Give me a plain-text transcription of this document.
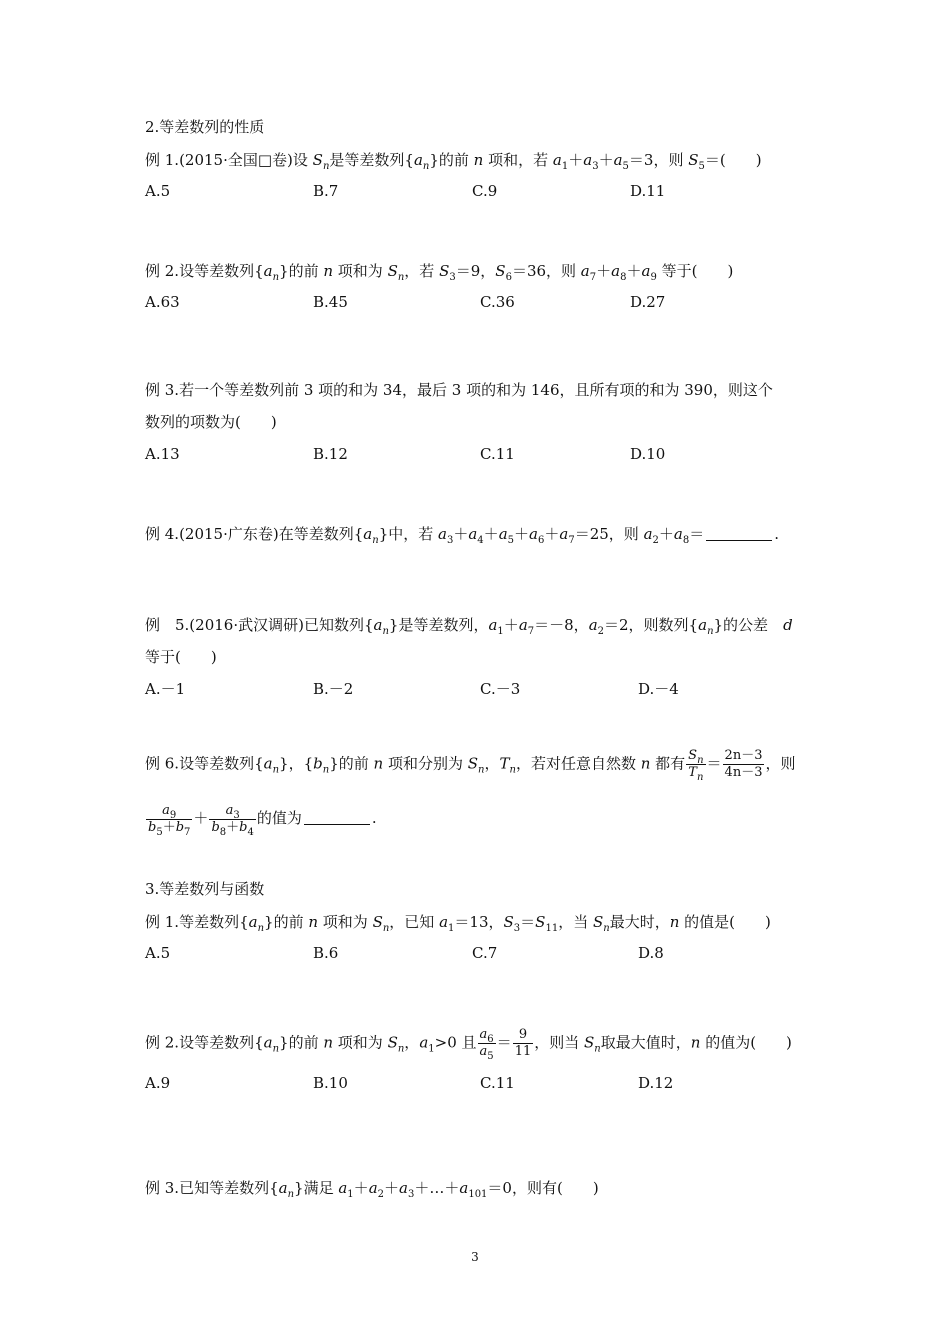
2.等差数列的性质
例 1.(2015·全国□卷)设 $S_n$是等差数列$\{a_n\}$的前 n 项和，若 $a_1+a_3+a_5=3$，则 $S_5=$(　　)
A.5	B.7	C.9	D.11
例 2.设等差数列$\{a_n\}$的前 n 项和为 $S_n$，若 $S_3=9$，$S_6=36$，则 $a_7+a_8+a_9$ 等于(　　)
A.63	B.45	C.36	D.27
例 3.若一个等差数列前 3 项的和为 34，最后 3 项的和为 146，且所有项的和为 390，则这个
数列的项数为(　　)
A.13	B.12	C.11	D.10
例 4.(2015·广东卷)在等差数列$\{a_n\}$中，若 $a_3+a_4+a_5+a_6+a_7=25$，则 $a_2+a_8=$	.
例　5.(2016·武汉调研)已知数列$\{a_n\}$是等差数列，$a_1+a_7=-8$，$a_2=2$，则数列$\{a_n\}$的公差　d
等于(　　)
A.－1	B.－2	C.－3	D.－4
例 6.设等差数列$\{a_n\}$，$\{b_n\}$的前 n 项和分别为 $S_n$，$T_n$，若对任意自然数 n 都有 $\frac{S_n}{T_n} = \frac{2n-3}{4n-3}$ ，则
$\frac{a_9}{b_5+b_7} + \frac{a_3}{b_8+b_4}$ 的值为	.
3.等差数列与函数
例 1.等差数列$\{a_n\}$的前 n 项和为 $S_n$，已知 $a_1=13$，$S_3=S_{11}$，当 $S_n$最大时，n 的值是(　　)
A.5	B.6	C.7	D.8
例 2.设等差数列$\{a_n\}$的前 n 项和为 $S_n$，$a_1>0$ 且 $\frac{a_6}{a_5} = \frac{9}{11}$ ，则当 $S_n$取最大值时，n 的值为(　　)
A.9	B.10	C.11	D.12
例 3.已知等差数列$\{a_n\}$满足 $a_1+a_2+a_3+\dots+a_{101}=0$，则有(　　)
3
